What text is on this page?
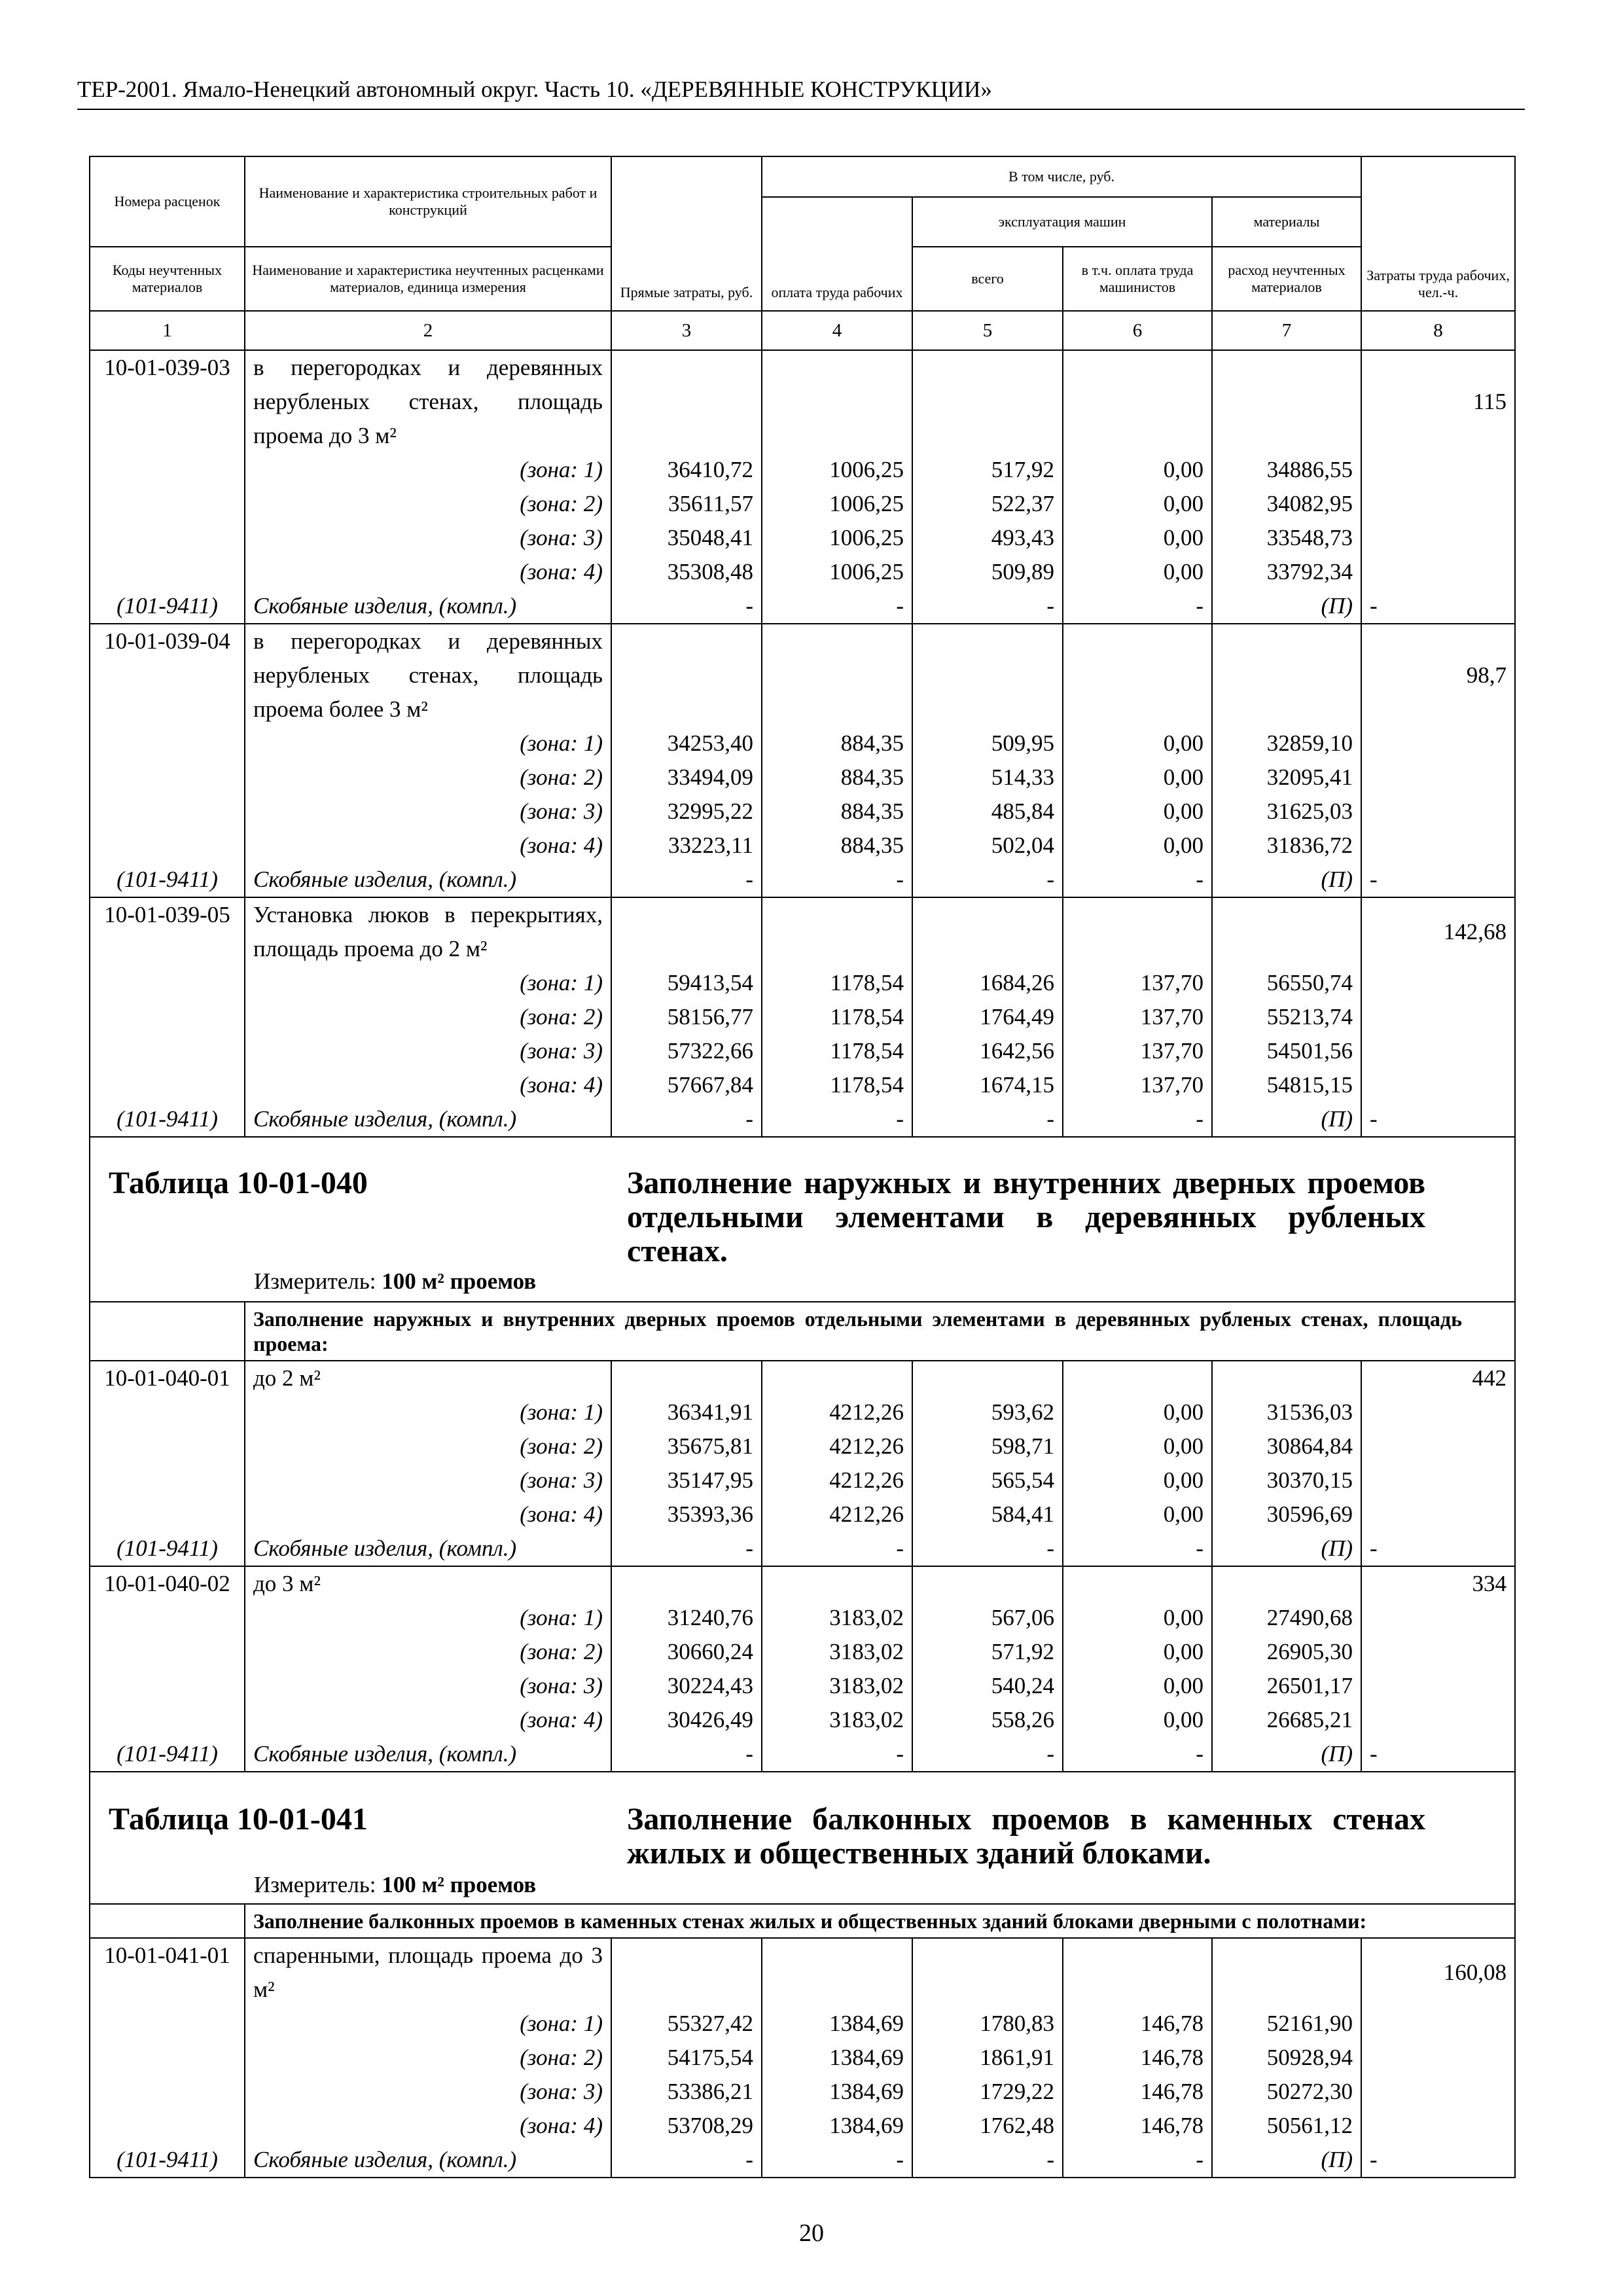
ТЕР-2001. Ямало-Ненецкий автономный округ. Часть 10. «ДЕРЕВЯННЫЕ КОНСТРУКЦИИ»
Номера расценок	Наименование и характеристика строительных работ и конструкций	Прямые затраты, руб.	В том числе, руб.				Затраты труда рабочих, чел.-ч.
			оплата труда рабочих	эксплуатация машин		материалы	
Коды неучтенных материалов	Наименование и характеристика неучтенных расценками материалов, единица измерения			всего	в т.ч. оплата труда машинистов	расход неучтенных материалов	

1	2	3	4	5	6	7	8
10-01-039-03	в перегородках и деревянных нерубленых стенах, площадь проема до 3 м²						115
	(зона: 1)	36410,72	1006,25	517,92	0,00	34886,55	
	(зона: 2)	35611,57	1006,25	522,37	0,00	34082,95	
	(зона: 3)	35048,41	1006,25	493,43	0,00	33548,73	
	(зона: 4)	35308,48	1006,25	509,89	0,00	33792,34	
(101-9411)	Скобяные изделия, (компл.)	-	-	-	-	(П)	-
10-01-039-04	в перегородках и деревянных нерубленых стенах, площадь проема более 3 м²						98,7
	(зона: 1)	34253,40	884,35	509,95	0,00	32859,10	
	(зона: 2)	33494,09	884,35	514,33	0,00	32095,41	
	(зона: 3)	32995,22	884,35	485,84	0,00	31625,03	
	(зона: 4)	33223,11	884,35	502,04	0,00	31836,72	
(101-9411)	Скобяные изделия, (компл.)	-	-	-	-	(П)	-
10-01-039-05	Установка люков в перекрытиях, площадь проема до 2 м²						142,68
	(зона: 1)	59413,54	1178,54	1684,26	137,70	56550,74	
	(зона: 2)	58156,77	1178,54	1764,49	137,70	55213,74	
	(зона: 3)	57322,66	1178,54	1642,56	137,70	54501,56	
	(зона: 4)	57667,84	1178,54	1674,15	137,70	54815,15	
(101-9411)	Скобяные изделия, (компл.)	-	-	-	-	(П)	-

Таблица 10-01-040 Заполнение наружных и внутренних дверных проемов отдельными элементами в деревянных рубленых стенах.
Измеритель: 100 м² проемов							

	Заполнение наружных и внутренних дверных проемов отдельными элементами в деревянных рубленых стенах, площадь проема:						
10-01-040-01	до 2 м²						442
	(зона: 1)	36341,91	4212,26	593,62	0,00	31536,03	
	(зона: 2)	35675,81	4212,26	598,71	0,00	30864,84	
	(зона: 3)	35147,95	4212,26	565,54	0,00	30370,15	
	(зона: 4)	35393,36	4212,26	584,41	0,00	30596,69	
(101-9411)	Скобяные изделия, (компл.)	-	-	-	-	(П)	-
10-01-040-02	до 3 м²						334
	(зона: 1)	31240,76	3183,02	567,06	0,00	27490,68	
	(зона: 2)	30660,24	3183,02	571,92	0,00	26905,30	
	(зона: 3)	30224,43	3183,02	540,24	0,00	26501,17	
	(зона: 4)	30426,49	3183,02	558,26	0,00	26685,21	
(101-9411)	Скобяные изделия, (компл.)	-	-	-	-	(П)	-

Таблица 10-01-041 Заполнение балконных проемов в каменных стенах жилых и общественных зданий блоками.
Измеритель: 100 м² проемов							

	Заполнение балконных проемов в каменных стенах жилых и общественных зданий блоками дверными с полотнами:						
10-01-041-01	спаренными, площадь проема до 3 м²						160,08
	(зона: 1)	55327,42	1384,69	1780,83	146,78	52161,90	
	(зона: 2)	54175,54	1384,69	1861,91	146,78	50928,94	
	(зона: 3)	53386,21	1384,69	1729,22	146,78	50272,30	
	(зона: 4)	53708,29	1384,69	1762,48	146,78	50561,12	
(101-9411)	Скобяные изделия, (компл.)	-	-	-	-	(П)	-
20
